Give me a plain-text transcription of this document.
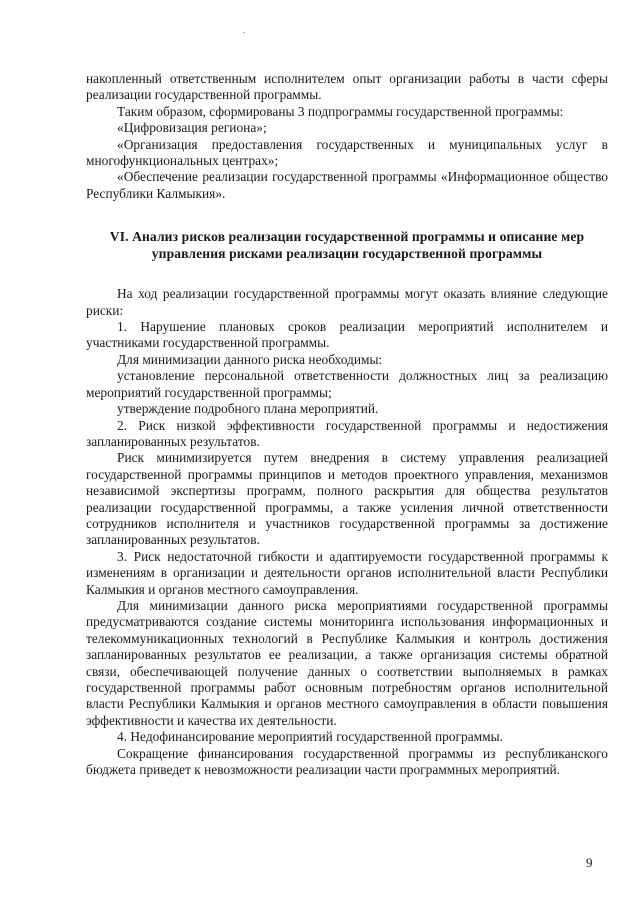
накопленный ответственным исполнителем опыт организации работы в части сферы реализации государственной программы.

Таким образом, сформированы 3 подпрограммы государственной программы:

«Цифровизация региона»;

«Организация предоставления государственных и муниципальных услуг в многофункциональных центрах»;

«Обеспечение реализации государственной программы «Информационное общество Республики Калмыкия».

VI. Анализ рисков реализации государственной программы и описание мер
управления рисками реализации государственной программы

На ход реализации государственной программы могут оказать влияние следующие риски:

1. Нарушение плановых сроков реализации мероприятий исполнителем и участниками государственной программы.

Для минимизации данного риска необходимы:

установление персональной ответственности должностных лиц за реализацию мероприятий государственной программы;

утверждение подробного плана мероприятий.

2. Риск низкой эффективности государственной программы и недостижения запланированных результатов.

Риск минимизируется путем внедрения в систему управления реализацией государственной программы принципов и методов проектного управления, механизмов независимой экспертизы программ, полного раскрытия для общества результатов реализации государственной программы, а также усиления личной ответственности сотрудников исполнителя и участников государственной программы за достижение запланированных результатов.

3. Риск недостаточной гибкости и адаптируемости государственной программы к изменениям в организации и деятельности органов исполнительной власти Республики Калмыкия и органов местного самоуправления.

Для минимизации данного риска мероприятиями государственной программы предусматриваются создание системы мониторинга использования информационных и телекоммуникационных технологий в Республике Калмыкия и контроль достижения запланированных результатов ее реализации, а также организация системы обратной связи, обеспечивающей получение данных о соответствии выполняемых в рамках государственной программы работ основным потребностям органов исполнительной власти Республики Калмыкия и органов местного самоуправления в области повышения эффективности и качества их деятельности.

4. Недофинансирование мероприятий государственной программы.

Сокращение финансирования государственной программы из республиканского бюджета приведет к невозможности реализации части программных мероприятий.

9
